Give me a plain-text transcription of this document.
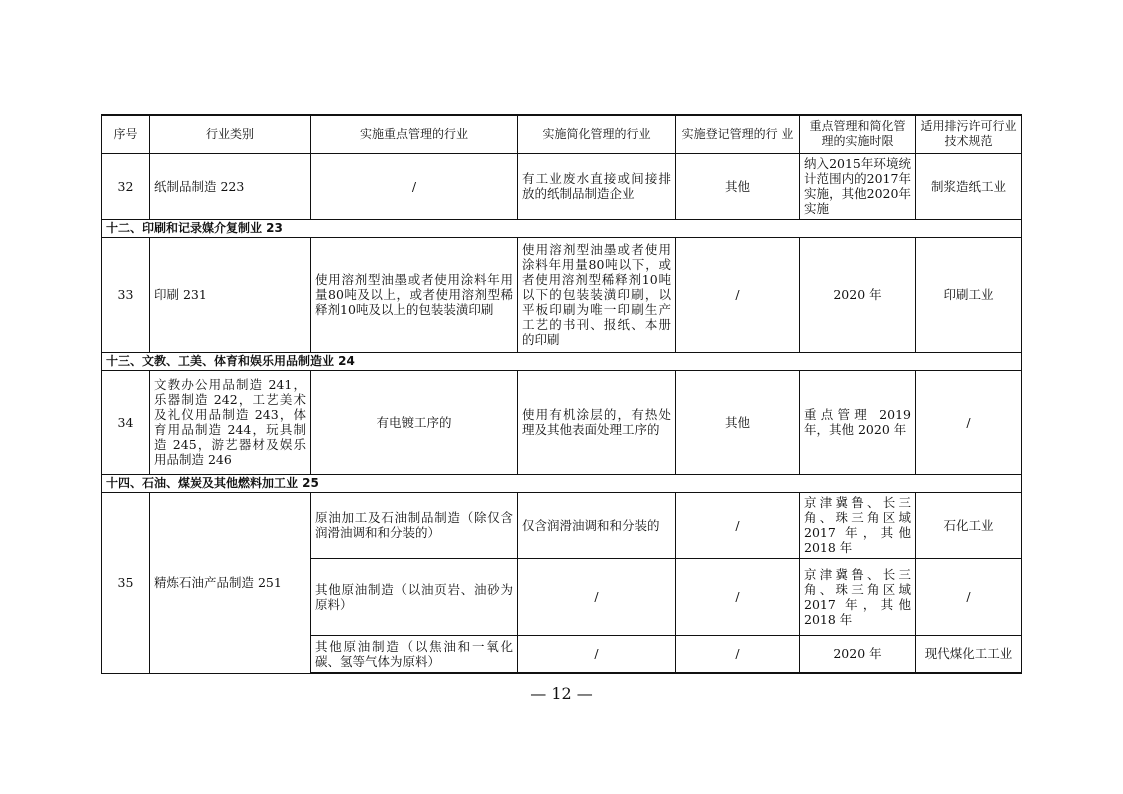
序号	行业类别	实施重点管理的行业	实施简化管理的行业	实施登记管理的行 业	重点管理和简化管理的实施时限	适用排污许可行业技术规范
32	纸制品制造 223	/	有工业废水直接或间接排放的纸制品制造企业	其他	纳入2015年环境统计范围内的2017年实施，其他2020年实施	制浆造纸工业
十二、印刷和记录媒介复制业 23						
33	印刷 231	使用溶剂型油墨或者使用涂料年用量80吨及以上，或者使用溶剂型稀释剂10吨及以上的包装装潢印刷	使用溶剂型油墨或者使用涂料年用量80吨以下，或者使用溶剂型稀释剂10吨以下的包装装潢印刷，以平板印刷为唯一印刷生产工艺的书刊、报纸、本册的印刷	/	2020 年	印刷工业
十三、文教、工美、体育和娱乐用品制造业 24						
34	文教办公用品制造 241，乐器制造 242，工艺美术及礼仪用品制造 243，体育用品制造 244，玩具制造 245，游艺器材及娱乐用品制造 246	有电镀工序的	使用有机涂层的，有热处理及其他表面处理工序的	其他	重点管理 2019 年，其他 2020 年	/
十四、石油、煤炭及其他燃料加工业 25						
35	精炼石油产品制造 251	原油加工及石油制品制造（除仅含润滑油调和和分装的）	仅含润滑油调和和分装的	/	京津冀鲁、长三角、珠三角区域 2017 年，其他 2018 年	石化工业
		其他原油制造（以油页岩、油砂为原料）	/	/	京津冀鲁、长三角、珠三角区域 2017 年，其他 2018 年	/
		其他原油制造（以焦油和一氧化碳、氢等气体为原料）	/	/	2020 年	现代煤化工工业
— 12 —
